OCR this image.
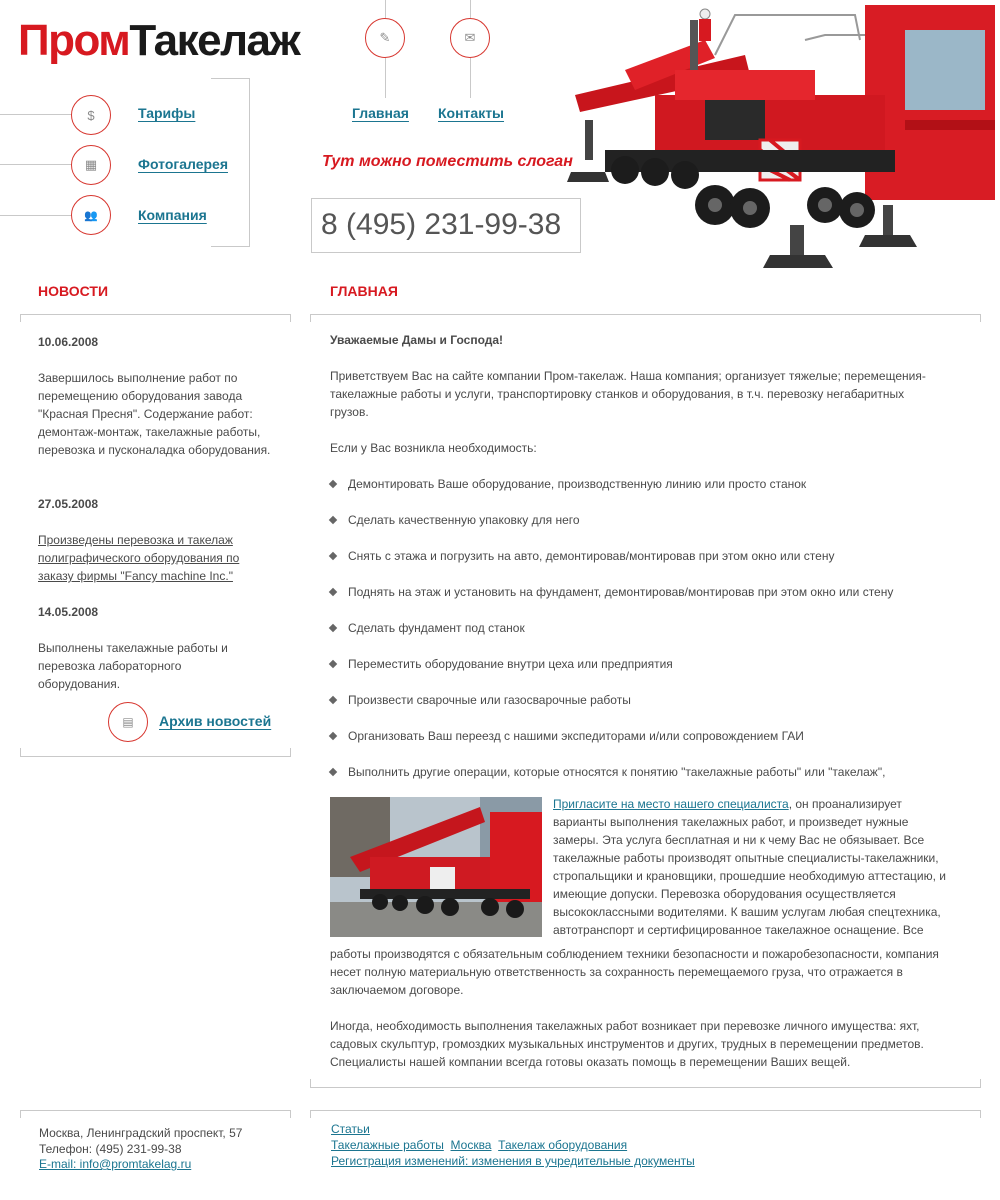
ПромТакелаж
$	Тарифы
▦	Фотогалерея
👥	Компания
✎
Главная
✉
Контакты
Тут можно поместить слоган
8 (495) 231-99-38
НОВОСТИ
10.06.2008
Завершилось выполнение работ по перемещению оборудования завода "Красная Пресня". Содержание работ: демонтаж-монтаж, такелажные работы, перевозка и пусконаладка оборудования.
27.05.2008
Произведены перевозка и такелаж полиграфического оборудования по заказу фирмы "Fancy machine Inc."
14.05.2008
Выполнены такелажные работы и перевозка лабораторного оборудования.
▤ Архив новостей
ГЛАВНАЯ
Уважаемые Дамы и Господа!
Приветствуем Вас на сайте компании Пром-такелаж. Наша компания; организует тяжелые; перемещения-такелажные работы и услуги, транспортировку станков и оборудования, в т.ч. перевозку негабаритных грузов.
Если у Вас возникла необходимость:
Демонтировать Ваше оборудование, производственную линию или просто станок
Сделать качественную упаковку для него
Снять с этажа и погрузить на авто, демонтировав/монтировав при этом окно или стену
Поднять на этаж и установить на фундамент, демонтировав/монтировав при этом окно или стену
Сделать фундамент под станок
Переместить оборудование внутри цеха или предприятия
Произвести сварочные или газосварочные работы
Организовать Ваш переезд с нашими экспедиторами и/или сопровождением ГАИ
Выполнить другие операции, которые относятся к понятию "такелажные работы" или "такелаж",
Пригласите на место нашего специалиста, он проанализирует
варианты выполнения такелажных работ, и произведет нужные
замеры. Эта услуга бесплатная и ни к чему Вас не обязывает. Все
такелажные работы производят опытные специалисты-такелажники,
стропальщики и крановщики, прошедшие необходимую аттестацию, и
имеющие допуски. Перевозка оборудования осуществляется
высококлассными водителями. К вашим услугам любая спецтехника,
автотранспорт и сертифицированное такелажное оснащение. Все
работы производятся с обязательным соблюдением техники безопасности и пожаробезопасности, компания несет полную материальную ответственность за сохранность перемещаемого груза, что отражается в заключаемом договоре.
Иногда, необходимость выполнения такелажных работ возникает при перевозке личного имущества: яхт, садовых скульптур, громоздких музыкальных инструментов и других, трудных в перемещении предметов. Специалисты нашей компании всегда готовы оказать помощь в перемещении Ваших вещей.
Москва, Ленинградский проспект, 57
Телефон: (495) 231-99-38
E-mail: info@promtakelag.ru
Статьи
Такелажные работы Москва Такелаж оборудования
Регистрация изменений: изменения в учредительные документы
